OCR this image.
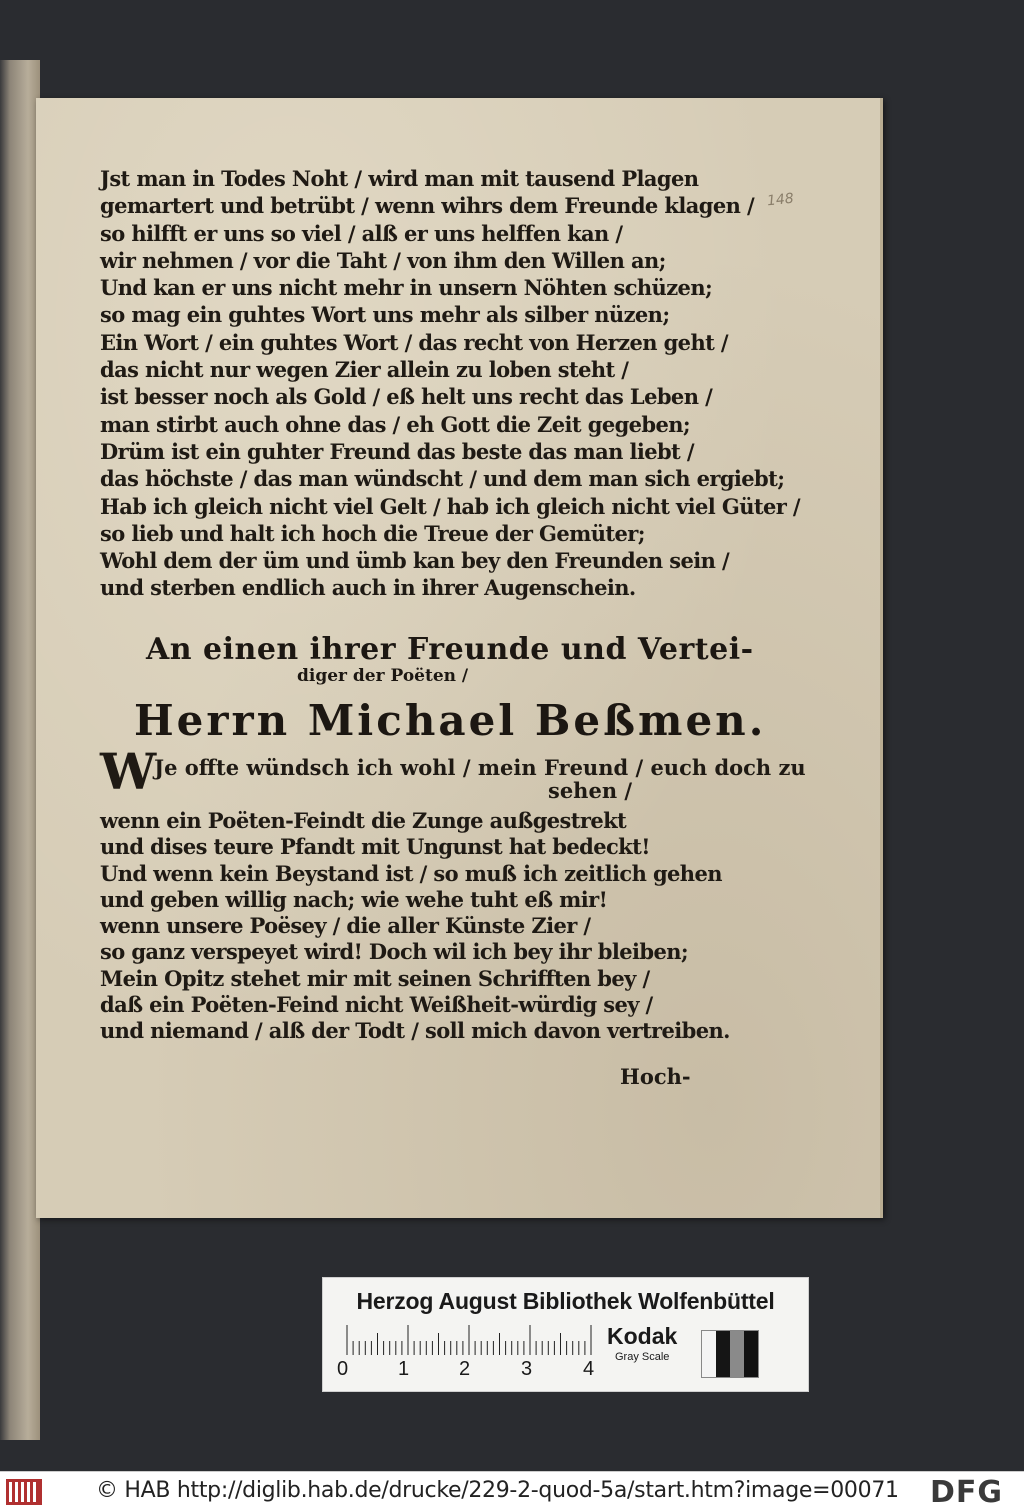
148

Jst man in Todes Noht / wird man mit tausend Plagen

gemartert und betrübt / wenn wihrs dem Freunde klagen /

so hilfft er uns so viel / alß er uns helffen kan /

wir nehmen / vor die Taht / von ihm den Willen an;

Und kan er uns nicht mehr in unsern Nöhten schüzen;

so mag ein guhtes Wort uns mehr als silber nüzen;

Ein Wort / ein guhtes Wort / das recht von Herzen geht /

das nicht nur wegen Zier allein zu loben steht /

ist besser noch als Gold / eß helt uns recht das Leben /

man stirbt auch ohne das / eh Gott die Zeit gegeben;

Drüm ist ein guhter Freund das beste das man liebt /

das höchste / das man wündscht / und dem man sich ergiebt;

Hab ich gleich nicht viel Gelt / hab ich gleich nicht viel Güter /

so lieb und halt ich hoch die Treue der Gemüter;

Wohl dem der üm und ümb kan bey den Freunden sein /

und sterben endlich auch in ihrer Augenschein.

An einen ihrer Freunde und Vertei-
diger der Poëten /
Herrn Michael Beßmen.
WJe offte wündsch ich wohl / mein Freund / euch doch zu
sehen /

wenn ein Poëten-Feindt die Zunge außgestrekt

und dises teure Pfandt mit Ungunst hat bedeckt!

Und wenn kein Beystand ist / so muß ich zeitlich gehen

und geben willig nach; wie wehe tuht eß mir!

wenn unsere Poësey / die aller Künste Zier /

so ganz verspeyet wird! Doch wil ich bey ihr bleiben;

Mein Opitz stehet mir mit seinen Schrifften bey /

daß ein Poëten-Feind nicht Weißheit-würdig sey /

und niemand / alß der Todt / soll mich davon vertreiben.

Hoch-
Herzog August Bibliothek Wolfenbüttel
0 1 2	3	4
Kodak
Gray Scale
© HAB http://diglib.hab.de/drucke/229-2-quod-5a/start.htm?image=00071 DFG
